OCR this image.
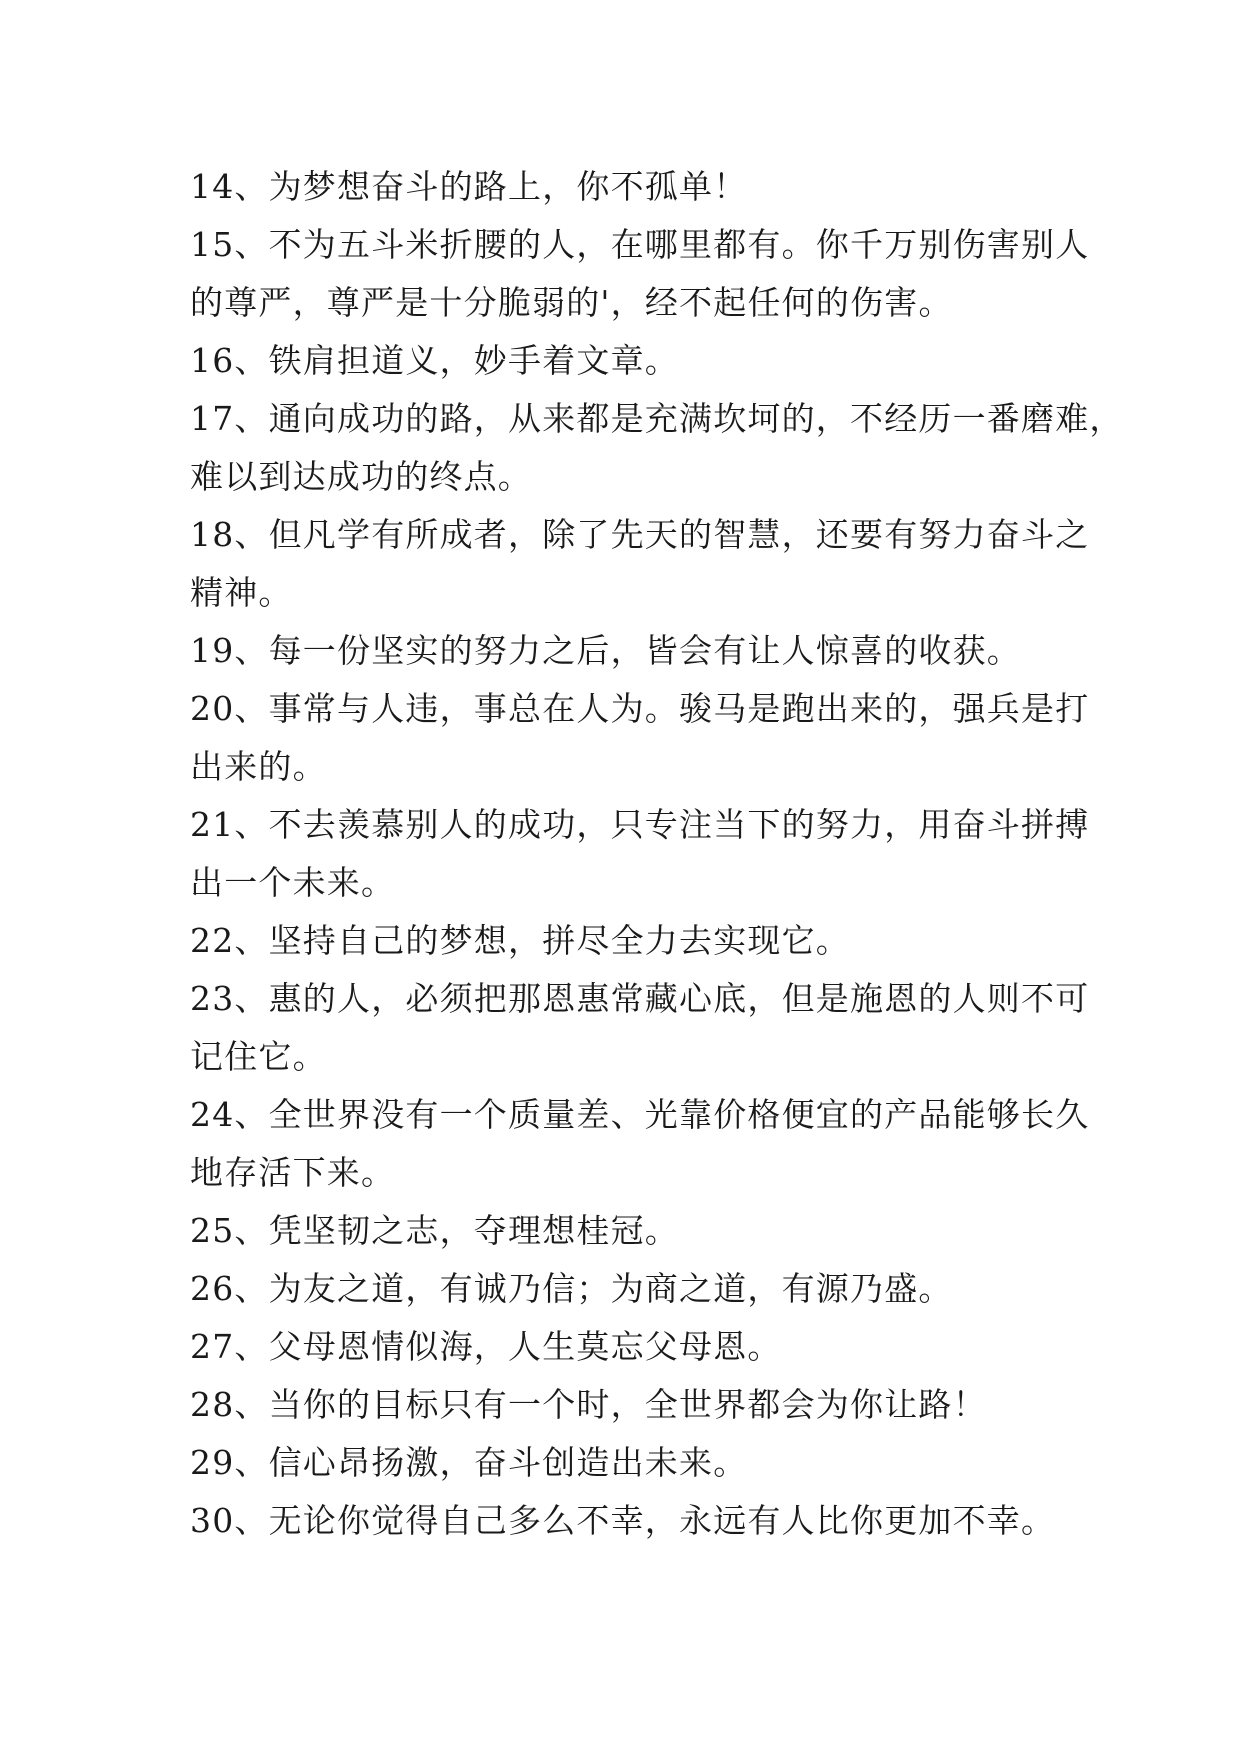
14、为梦想奋斗的路上，你不孤单！

15、不为五斗米折腰的人，在哪里都有。你千万别伤害别人
的尊严，尊严是十分脆弱的'，经不起任何的伤害。

16、铁肩担道义，妙手着文章。

17、通向成功的路，从来都是充满坎坷的，不经历一番磨难，
难以到达成功的终点。

18、但凡学有所成者，除了先天的智慧，还要有努力奋斗之
精神。

19、每一份坚实的努力之后，皆会有让人惊喜的收获。

20、事常与人违，事总在人为。骏马是跑出来的，强兵是打
出来的。

21、不去羡慕别人的成功，只专注当下的努力，用奋斗拼搏
出一个未来。

22、坚持自己的梦想，拼尽全力去实现它。

23、惠的人，必须把那恩惠常藏心底，但是施恩的人则不可
记住它。

24、全世界没有一个质量差、光靠价格便宜的产品能够长久
地存活下来。

25、凭坚韧之志，夺理想桂冠。

26、为友之道，有诚乃信；为商之道，有源乃盛。

27、父母恩情似海，人生莫忘父母恩。

28、当你的目标只有一个时，全世界都会为你让路！

29、信心昂扬激，奋斗创造出未来。

30、无论你觉得自己多么不幸，永远有人比你更加不幸。
